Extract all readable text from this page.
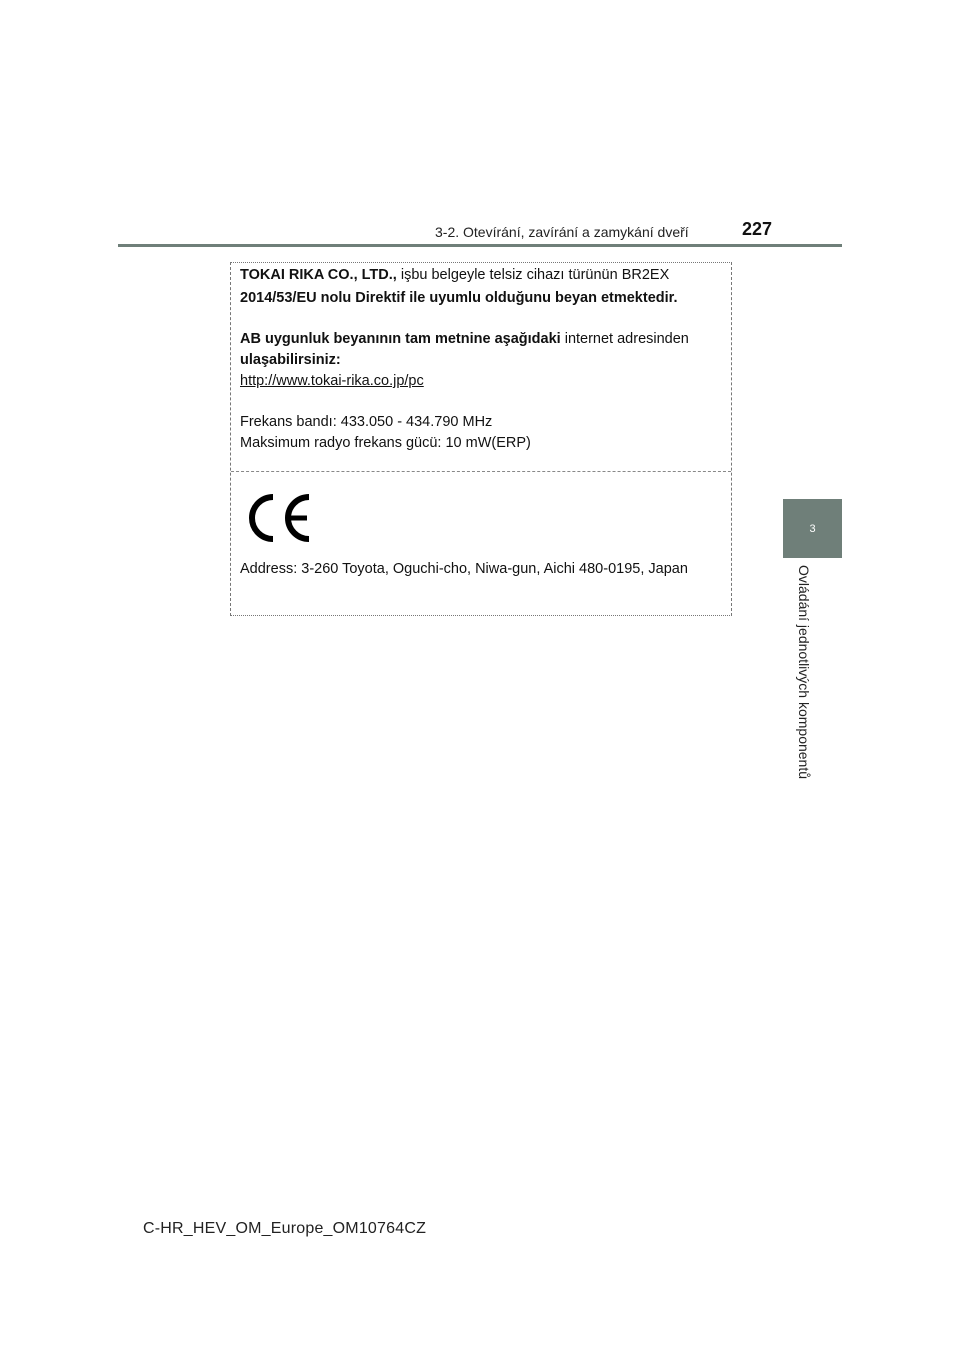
3-2. Otevírání, zavírání a zamykání dveří	227
3
Ovládání jednotlivých komponentů
TOKAI RIKA CO., LTD., işbu belgeyle telsiz cihazı türünün BR2EX
2014/53/EU nolu Direktif ile uyumlu olduğunu beyan etmektedir.
AB uygunluk beyanının tam metnine aşağıdaki internet adresinden
ulaşabilirsiniz:
http://www.tokai-rika.co.jp/pc
Frekans bandı: 433.050 - 434.790 MHz
Maksimum radyo frekans gücü: 10 mW(ERP)
Address: 3-260 Toyota, Oguchi-cho, Niwa-gun, Aichi 480-0195, Japan
C-HR_HEV_OM_Europe_OM10764CZ
